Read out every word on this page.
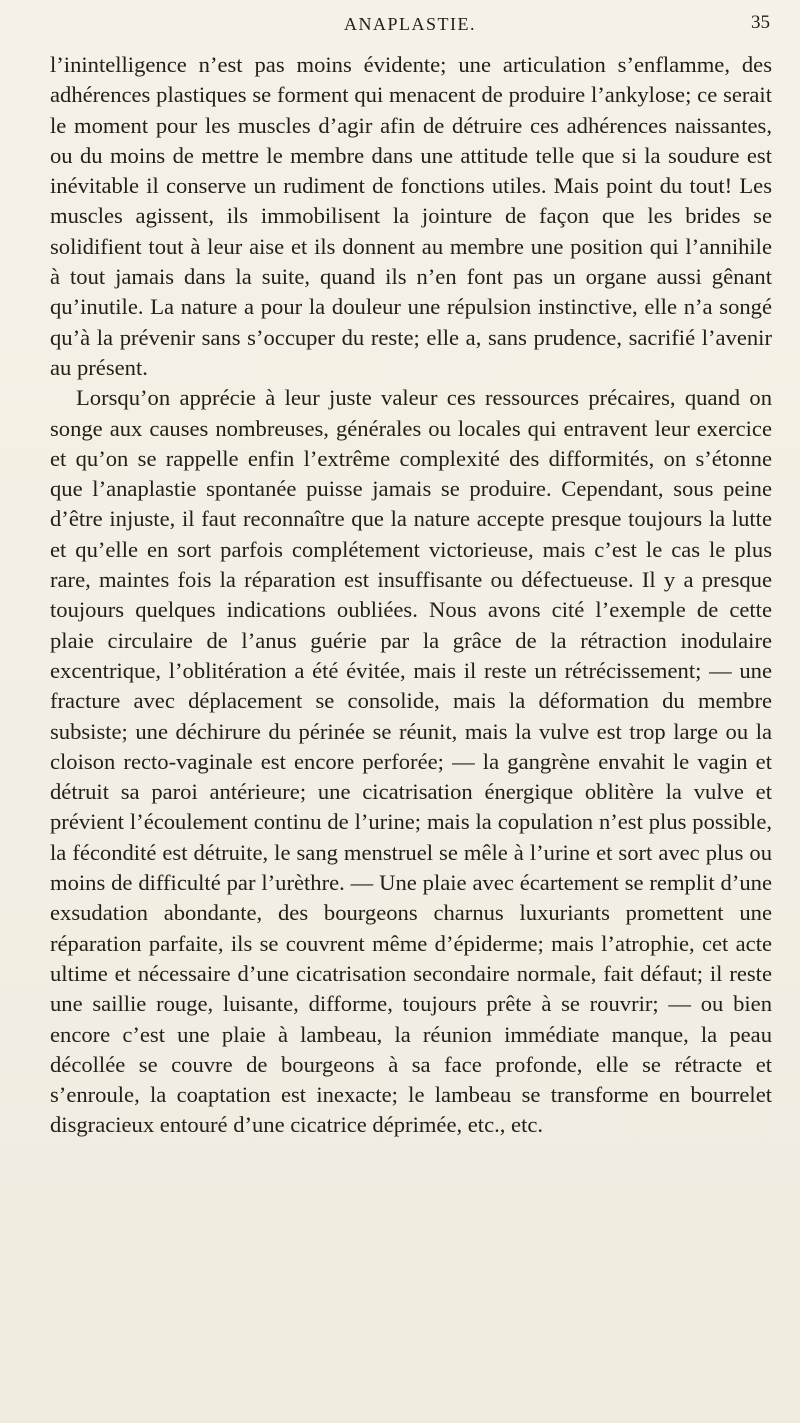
ANAPLASTIE.	35

l’inintelligence n’est pas moins évidente; une articulation s’enflamme, des adhérences plastiques se forment qui menacent de produire l’ankylose; ce serait le moment pour les muscles d’agir afin de détruire ces adhérences naissantes, ou du moins de mettre le membre dans une attitude telle que si la soudure est inévitable il conserve un rudiment de fonctions utiles. Mais point du tout! Les muscles agissent, ils immobilisent la jointure de façon que les brides se solidifient tout à leur aise et ils donnent au membre une position qui l’annihile à tout jamais dans la suite, quand ils n’en font pas un organe aussi gênant qu’inutile. La nature a pour la douleur une répulsion instinctive, elle n’a songé qu’à la prévenir sans s’occuper du reste; elle a, sans prudence, sacrifié l’avenir au présent.

Lorsqu’on apprécie à leur juste valeur ces ressources précaires, quand on songe aux causes nombreuses, générales ou locales qui entravent leur exercice et qu’on se rappelle enfin l’extrême complexité des difformités, on s’étonne que l’anaplastie spontanée puisse jamais se produire. Cependant, sous peine d’être injuste, il faut reconnaître que la nature accepte presque toujours la lutte et qu’elle en sort parfois complétement victorieuse, mais c’est le cas le plus rare, maintes fois la réparation est insuffisante ou défectueuse. Il y a presque toujours quelques indications oubliées. Nous avons cité l’exemple de cette plaie circulaire de l’anus guérie par la grâce de la rétraction inodulaire excentrique, l’oblitération a été évitée, mais il reste un rétrécissement; — une fracture avec déplacement se consolide, mais la déformation du membre subsiste; une déchirure du périnée se réunit, mais la vulve est trop large ou la cloison recto-vaginale est encore perforée; — la gangrène envahit le vagin et détruit sa paroi antérieure; une cicatrisation énergique oblitère la vulve et prévient l’écoulement continu de l’urine; mais la copulation n’est plus possible, la fécondité est détruite, le sang menstruel se mêle à l’urine et sort avec plus ou moins de difficulté par l’urèthre. — Une plaie avec écartement se remplit d’une exsudation abondante, des bourgeons charnus luxuriants promettent une réparation parfaite, ils se couvrent même d’épiderme; mais l’atrophie, cet acte ultime et nécessaire d’une cicatrisation secondaire normale, fait défaut; il reste une saillie rouge, luisante, difforme, toujours prête à se rouvrir; — ou bien encore c’est une plaie à lambeau, la réunion immédiate manque, la peau décollée se couvre de bourgeons à sa face profonde, elle se rétracte et s’enroule, la coaptation est inexacte; le lambeau se transforme en bourrelet disgracieux entouré d’une cicatrice déprimée, etc., etc.
